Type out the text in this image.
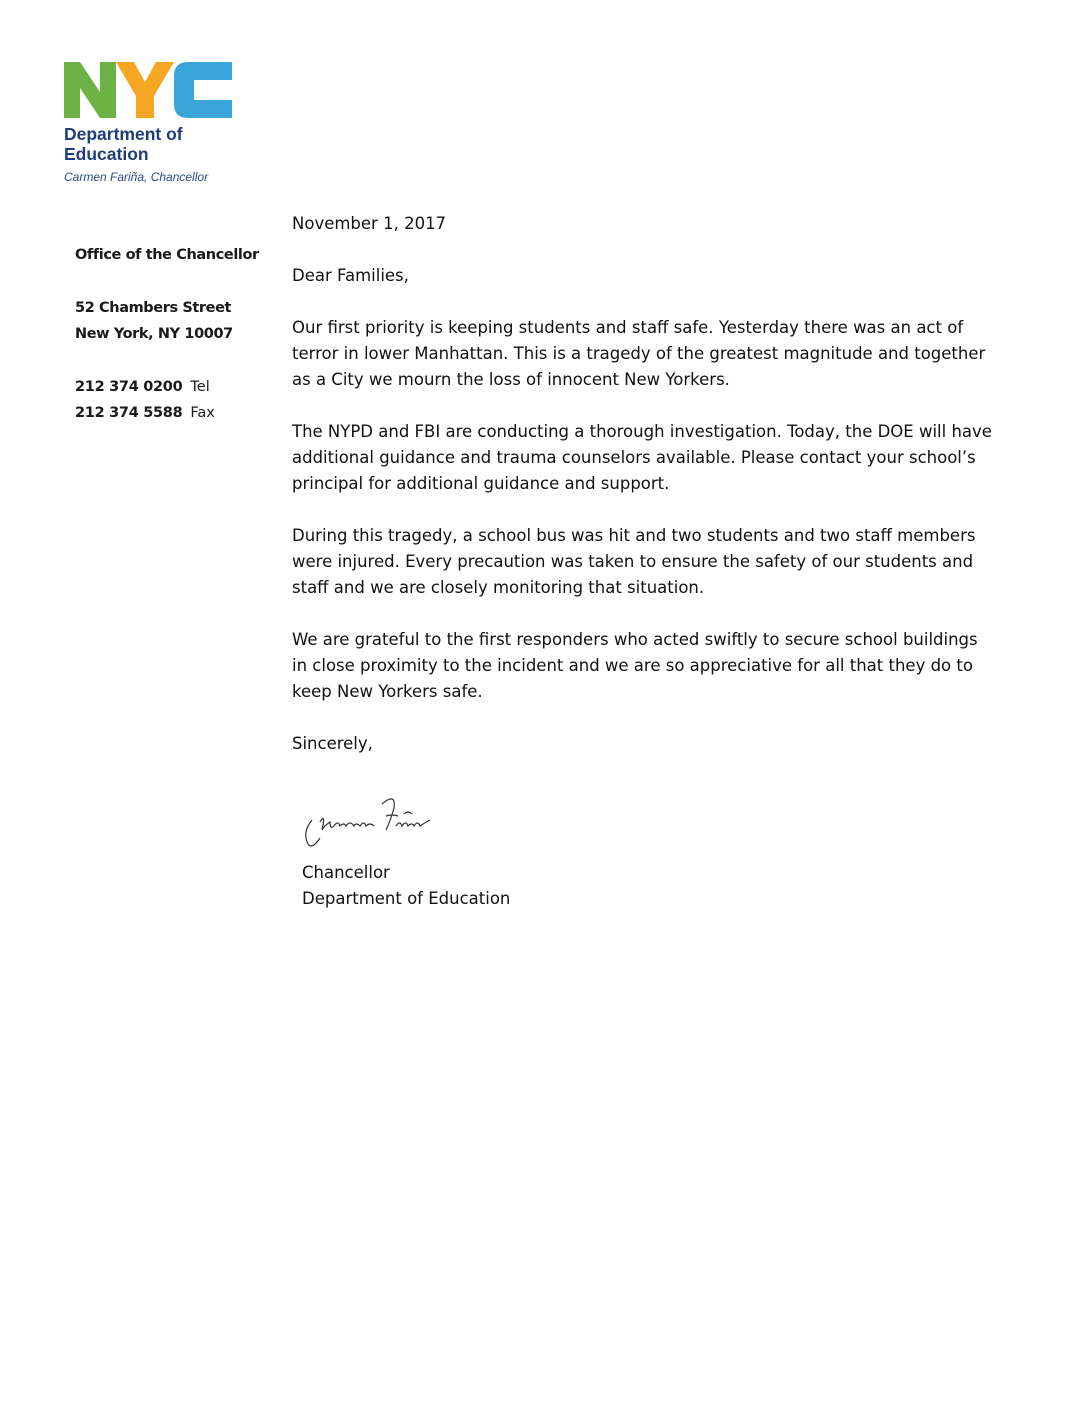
Department of
Education
Carmen Fariña, Chancellor
Office of the Chancellor
52 Chambers Street
New York, NY 10007
212 374 0200 Tel
212 374 5588 Fax

November 1, 2017

Dear Families,

Our first priority is keeping students and staff safe. Yesterday there was an act of terror in lower Manhattan. This is a tragedy of the greatest magnitude and together as a City we mourn the loss of innocent New Yorkers.

The NYPD and FBI are conducting a thorough investigation. Today, the DOE will have additional guidance and trauma counselors available. Please contact your school’s principal for additional guidance and support.

During this tragedy, a school bus was hit and two students and two staff members were injured. Every precaution was taken to ensure the safety of our students and staff and we are closely monitoring that situation.

We are grateful to the first responders who acted swiftly to secure school buildings in close proximity to the incident and we are so appreciative for all that they do to keep New Yorkers safe.

Sincerely,

Chancellor
Department of Education
